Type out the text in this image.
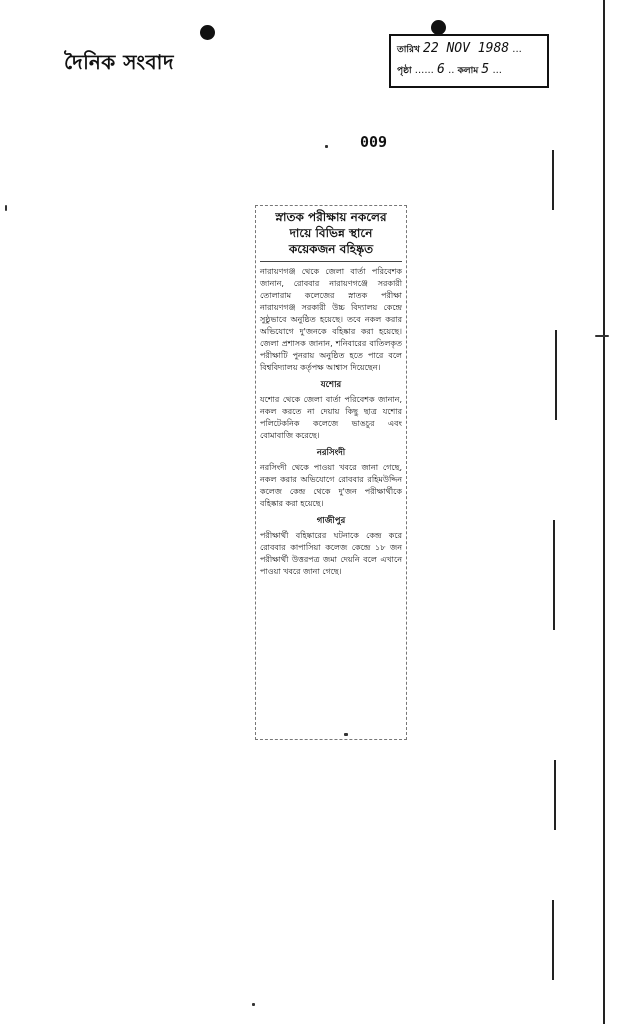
দৈনিক সংবাদ	তারিখ 22 NOV 1988 ...
পৃষ্ঠা ...... 6 .. কলাম 5 ...
009
স্নাতক পরীক্ষায় নকলের
দায়ে বিভিন্ন স্থানে
কয়েকজন বহিষ্কৃত

নারায়ণগঞ্জ থেকে জেলা বার্তা পরিবেশক জানান, রোববার নারায়ণগঞ্জে সরকারী তোলারাম কলেজের স্নাতক পরীক্ষা নারায়ণগঞ্জ সরকারী উচ্চ বিদ্যালয় কেন্দ্রে সুষ্ঠুভাবে অনুষ্ঠিত হয়েছে। তবে নকল করার অভিযোগে দু'জনকে বহিষ্কার করা হয়েছে। জেলা প্রশাসক জানান, শনিবারের বাতিলকৃত পরীক্ষাটি পুনরায় অনুষ্ঠিত হতে পারে বলে বিশ্ববিদ্যালয় কর্তৃপক্ষ আশ্বাস দিয়েছেন।

যশোর

যশোর থেকে জেলা বার্তা পরিবেশক জানান, নকল করতে না দেয়ায় কিছু ছাত্র যশোর পলিটেকনিক কলেজে ভাঙচুর এবং বোমাবাজি করেছে।

নরসিংদী

নরসিংদী থেকে পাওয়া খবরে জানা গেছে, নকল করার অভিযোগে রোববার রহিমউদ্দিন কলেজ কেন্দ্র থেকে দু'জন পরীক্ষার্থীকে বহিষ্কার করা হয়েছে।

গাজীপুর

পরীক্ষার্থী বহিষ্কারের ঘটনাকে কেন্দ্র করে রোববার কাপাসিয়া কলেজ কেন্দ্রে ১৮ জন পরীক্ষার্থী উত্তরপত্র জমা দেয়নি বলে এখানে পাওয়া খবরে জানা গেছে।
